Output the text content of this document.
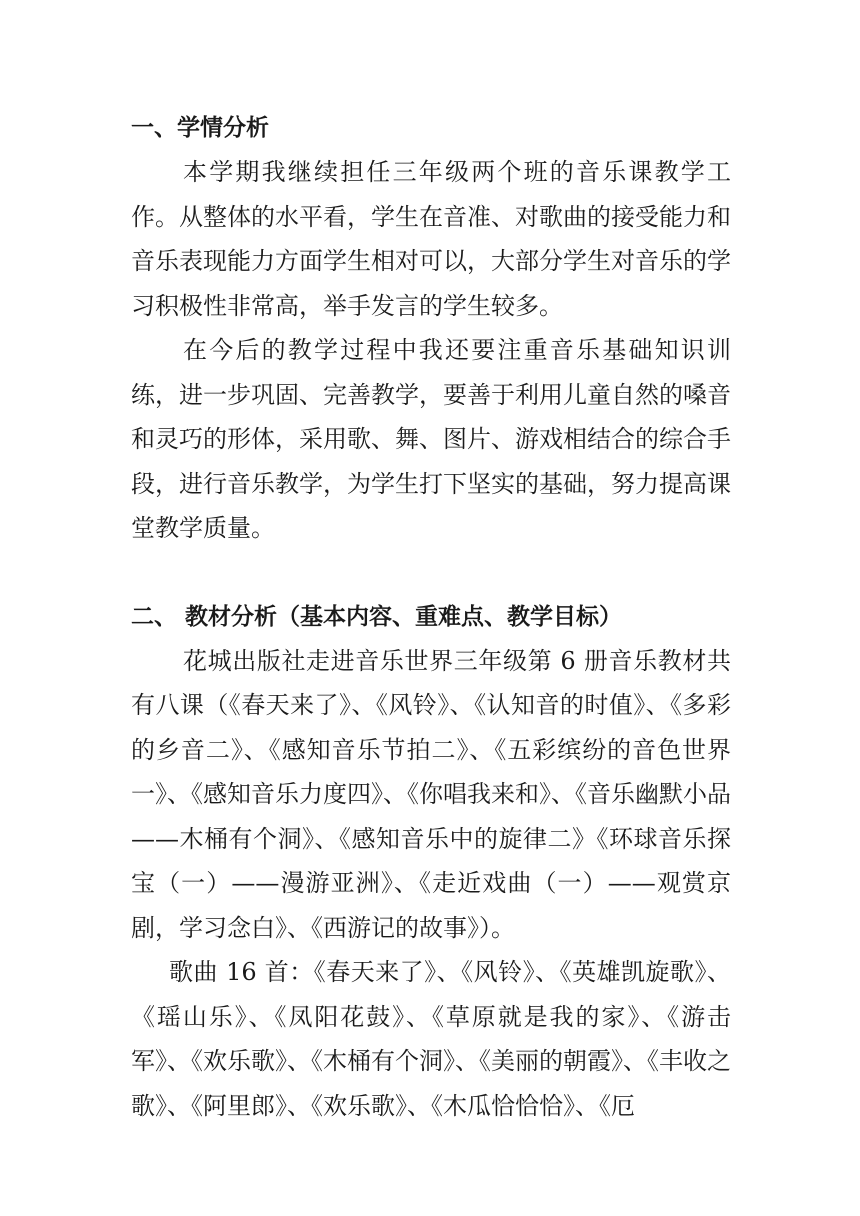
一、学情分析

本学期我继续担任三年级两个班的音乐课教学工作。从整体的水平看，学生在音准、对歌曲的接受能力和音乐表现能力方面学生相对可以，大部分学生对音乐的学习积极性非常高，举手发言的学生较多。

在今后的教学过程中我还要注重音乐基础知识训练，进一步巩固、完善教学，要善于利用儿童自然的嗓音和灵巧的形体，采用歌、舞、图片、游戏相结合的综合手段，进行音乐教学，为学生打下坚实的基础，努力提高课堂教学质量。

二、 教材分析（基本内容、重难点、教学目标）

花城出版社走进音乐世界三年级第 6 册音乐教材共有八课（《春天来了》、《风铃》、《认知音的时值》、《多彩的乡音二》、《感知音乐节拍二》、《五彩缤纷的音色世界一》、《感知音乐力度四》、《你唱我来和》、《音乐幽默小品——木桶有个洞》、《感知音乐中的旋律二》《环球音乐探宝（一）——漫游亚洲》、《走近戏曲（一）——观赏京剧，学习念白》、《西游记的故事》）。

歌曲 16 首：《春天来了》、《风铃》、《英雄凯旋歌》、《瑶山乐》、《凤阳花鼓》、《草原就是我的家》、《游击军》、《欢乐歌》、《木桶有个洞》、《美丽的朝霞》、《丰收之歌》、《阿里郎》、《欢乐歌》、《木瓜恰恰恰》、《厄
